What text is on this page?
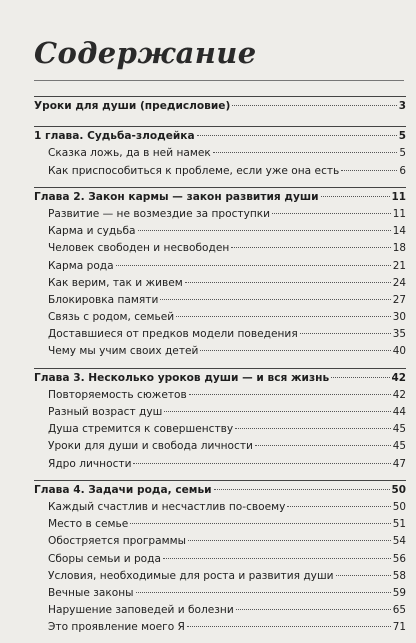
Содержание
Уроки для души (предисловие)	3
1 глава. Судьба-злодейка	5
Сказка ложь, да в ней намек	5
Как приспособиться к проблеме, если уже она есть	6
Глава 2. Закон кармы — закон развития души	11
Развитие — не возмездие за проступки	11
Карма и судьба	14
Человек свободен и несвободен	18
Карма рода	21
Как верим, так и живем	24
Блокировка памяти	27
Связь с родом, семьей	30
Доставшиеся от предков модели поведения	35
Чему мы учим своих детей	40
Глава 3. Несколько уроков души — и вся жизнь	42
Повторяемость сюжетов	42
Разный возраст душ	44
Душа стремится к совершенству	45
Уроки для души и свобода личности	45
Ядро личности	47
Глава 4. Задачи рода, семьи	50
Каждый счастлив и несчастлив по-своему	50
Место в семье	51
Обостряется программы	54
Сборы семьи и рода	56
Условия, необходимые для роста и развития души	58
Вечные законы	59
Нарушение заповедей и болезни	65
Это проявление моего Я	71
